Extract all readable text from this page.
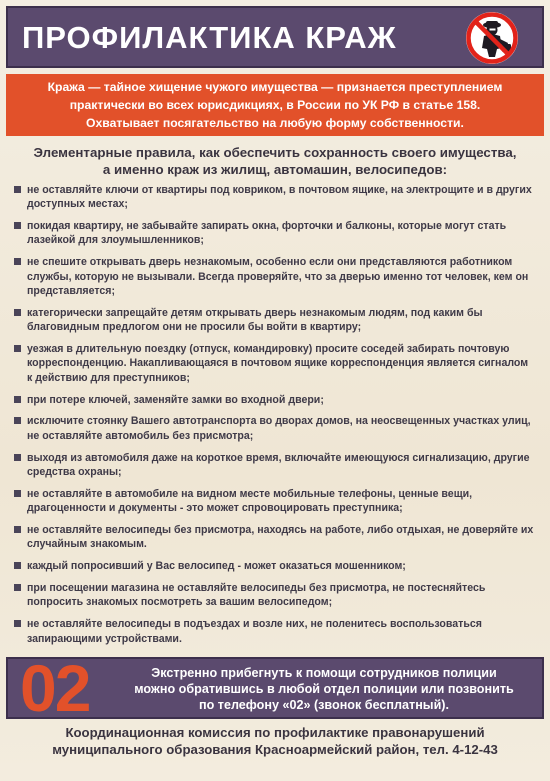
ПРОФИЛАКТИКА КРАЖ
Кража — тайное хищение чужого имущества — признается преступлением
практически во всех юрисдикциях, в России по УК РФ в статье 158.
Охватывает посягательство на любую форму собственности.
Элементарные правила, как обеспечить сохранность своего имущества,
а именно краж из жилищ, автомашин, велосипедов:
не оставляйте ключи от квартиры под ковриком, в почтовом ящике, на электрощите и в других доступных местах;
покидая квартиру, не забывайте запирать окна, форточки и балконы, которые могут стать лазейкой для злоумышленников;
не спешите открывать дверь незнакомым, особенно если они представляются работником службы, которую не вызывали. Всегда проверяйте, что за дверью именно тот человек, кем он представляется;
категорически запрещайте детям открывать дверь незнакомым людям, под каким бы благовидным предлогом они не просили бы войти в квартиру;
уезжая в длительную поездку (отпуск, командировку) просите соседей забирать почтовую корреспонденцию. Накапливающаяся в почтовом ящике корреспонденция является сигналом к действию для преступников;
при потере ключей, заменяйте замки во входной двери;
исключите стоянку Вашего автотранспорта во дворах домов, на неосвещенных участках улиц, не оставляйте автомобиль без присмотра;
выходя из автомобиля даже на короткое время, включайте имеющуюся сигнализацию, другие средства охраны;
не оставляйте в автомобиле на видном месте мобильные телефоны, ценные вещи, драгоценности и документы - это может спровоцировать преступника;
не оставляйте велосипеды без присмотра, находясь на работе, либо отдыхая, не доверяйте их случайным знакомым.
каждый попросивший у Вас велосипед - может оказаться мошенником;
при посещении магазина не оставляйте велосипеды без присмотра, не постесняйтесь попросить знакомых посмотреть за вашим велосипедом;
не оставляйте велосипеды в подъездах и возле них, не поленитесь воспользоваться запирающими устройствами.
02	Экстренно прибегнуть к помощи сотрудников полиции
можно обратившись в любой отдел полиции или позвонить
по телефону «02» (звонок бесплатный).
Координационная комиссия по профилактике правонарушений
муниципального образования Красноармейский район, тел. 4-12-43
